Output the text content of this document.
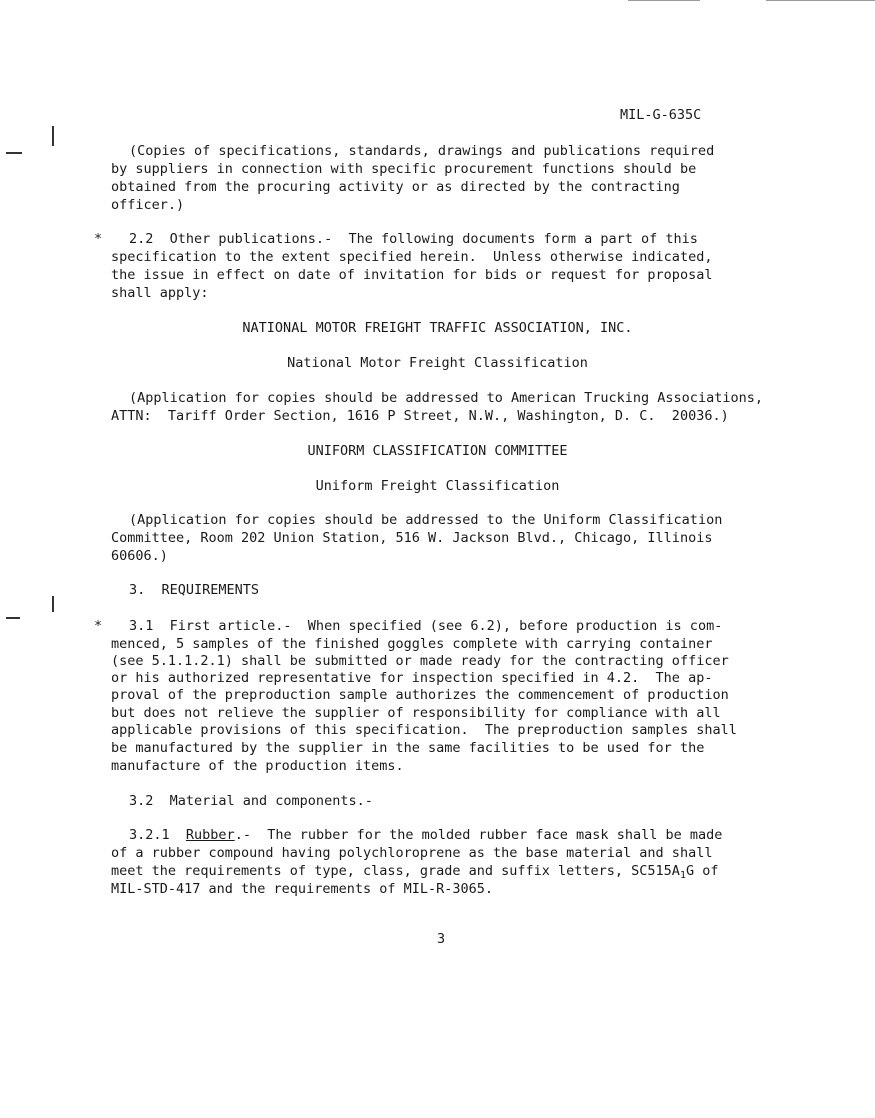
MIL-G-635C
(Copies of specifications, standards, drawings and publications required
by suppliers in connection with specific procurement functions should be
obtained from the procuring activity or as directed by the contracting
officer.)
* 2.2  Other publications.-  The following documents form a part of this
specification to the extent specified herein.  Unless otherwise indicated,
the issue in effect on date of invitation for bids or request for proposal
shall apply:
NATIONAL MOTOR FREIGHT TRAFFIC ASSOCIATION, INC.
National Motor Freight Classification
(Application for copies should be addressed to American Trucking Associations,
ATTN:  Tariff Order Section, 1616 P Street, N.W., Washington, D. C.  20036.)
UNIFORM CLASSIFICATION COMMITTEE
Uniform Freight Classification
(Application for copies should be addressed to the Uniform Classification
Committee, Room 202 Union Station, 516 W. Jackson Blvd., Chicago, Illinois
60606.)
3.  REQUIREMENTS
* 3.1  First article.-  When specified (see 6.2), before production is com-
menced, 5 samples of the finished goggles complete with carrying container
(see 5.1.1.2.1) shall be submitted or made ready for the contracting officer
or his authorized representative for inspection specified in 4.2.  The ap-
proval of the preproduction sample authorizes the commencement of production
but does not relieve the supplier of responsibility for compliance with all
applicable provisions of this specification.  The preproduction samples shall
be manufactured by the supplier in the same facilities to be used for the
manufacture of the production items.
3.2  Material and components.-
3.2.1 Rubber.-  The rubber for the molded rubber face mask shall be made
of a rubber compound having polychloroprene as the base material and shall
meet the requirements of type, class, grade and suffix letters, $SC515A_1G$ of
MIL-STD-417 and the requirements of MIL-R-3065.
3
